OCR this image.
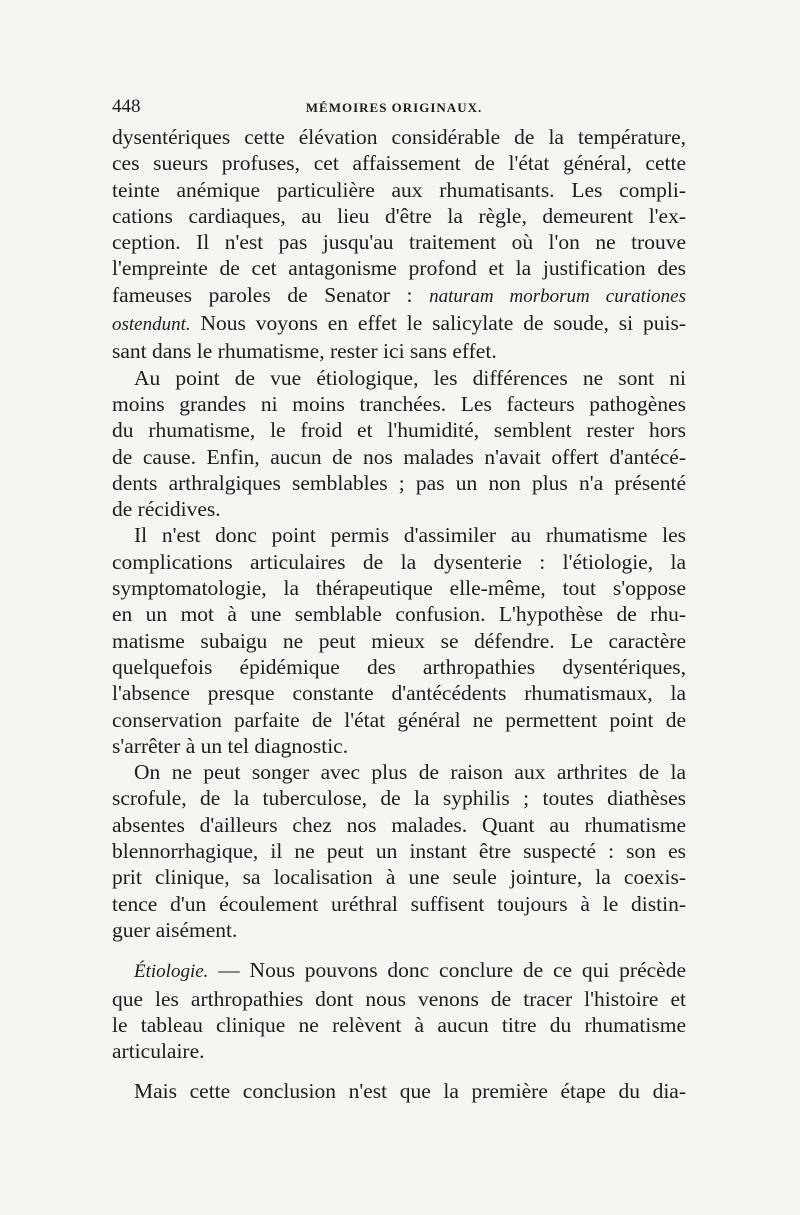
448	MÉMOIRES ORIGINAUX.

dysentériques cette élévation considérable de la température,

ces sueurs profuses, cet affaissement de l'état général, cette

teinte anémique particulière aux rhumatisants. Les compli-

cations cardiaques, au lieu d'être la règle, demeurent l'ex-

ception. Il n'est pas jusqu'au traitement où l'on ne trouve

l'empreinte de cet antagonisme profond et la justification des

fameuses paroles de Senator : naturam morborum curationes

ostendunt. Nous voyons en effet le salicylate de soude, si puis-

sant dans le rhumatisme, rester ici sans effet.

Au point de vue étiologique, les différences ne sont ni

moins grandes ni moins tranchées. Les facteurs pathogènes

du rhumatisme, le froid et l'humidité, semblent rester hors

de cause. Enfin, aucun de nos malades n'avait offert d'antécé-

dents arthralgiques semblables ; pas un non plus n'a présenté

de récidives.

Il n'est donc point permis d'assimiler au rhumatisme les

complications articulaires de la dysenterie : l'étiologie, la

symptomatologie, la thérapeutique elle-même, tout s'oppose

en un mot à une semblable confusion. L'hypothèse de rhu-

matisme subaigu ne peut mieux se défendre. Le caractère

quelquefois épidémique des arthropathies dysentériques,

l'absence presque constante d'antécédents rhumatismaux, la

conservation parfaite de l'état général ne permettent point de

s'arrêter à un tel diagnostic.

On ne peut songer avec plus de raison aux arthrites de la

scrofule, de la tuberculose, de la syphilis ; toutes diathèses

absentes d'ailleurs chez nos malades. Quant au rhumatisme

blennorrhagique, il ne peut un instant être suspecté : son es

prit clinique, sa localisation à une seule jointure, la coexis-

tence d'un écoulement uréthral suffisent toujours à le distin-

guer aisément.

Étiologie. — Nous pouvons donc conclure de ce qui précède

que les arthropathies dont nous venons de tracer l'histoire et

le tableau clinique ne relèvent à aucun titre du rhumatisme

articulaire.

Mais cette conclusion n'est que la première étape du dia-
